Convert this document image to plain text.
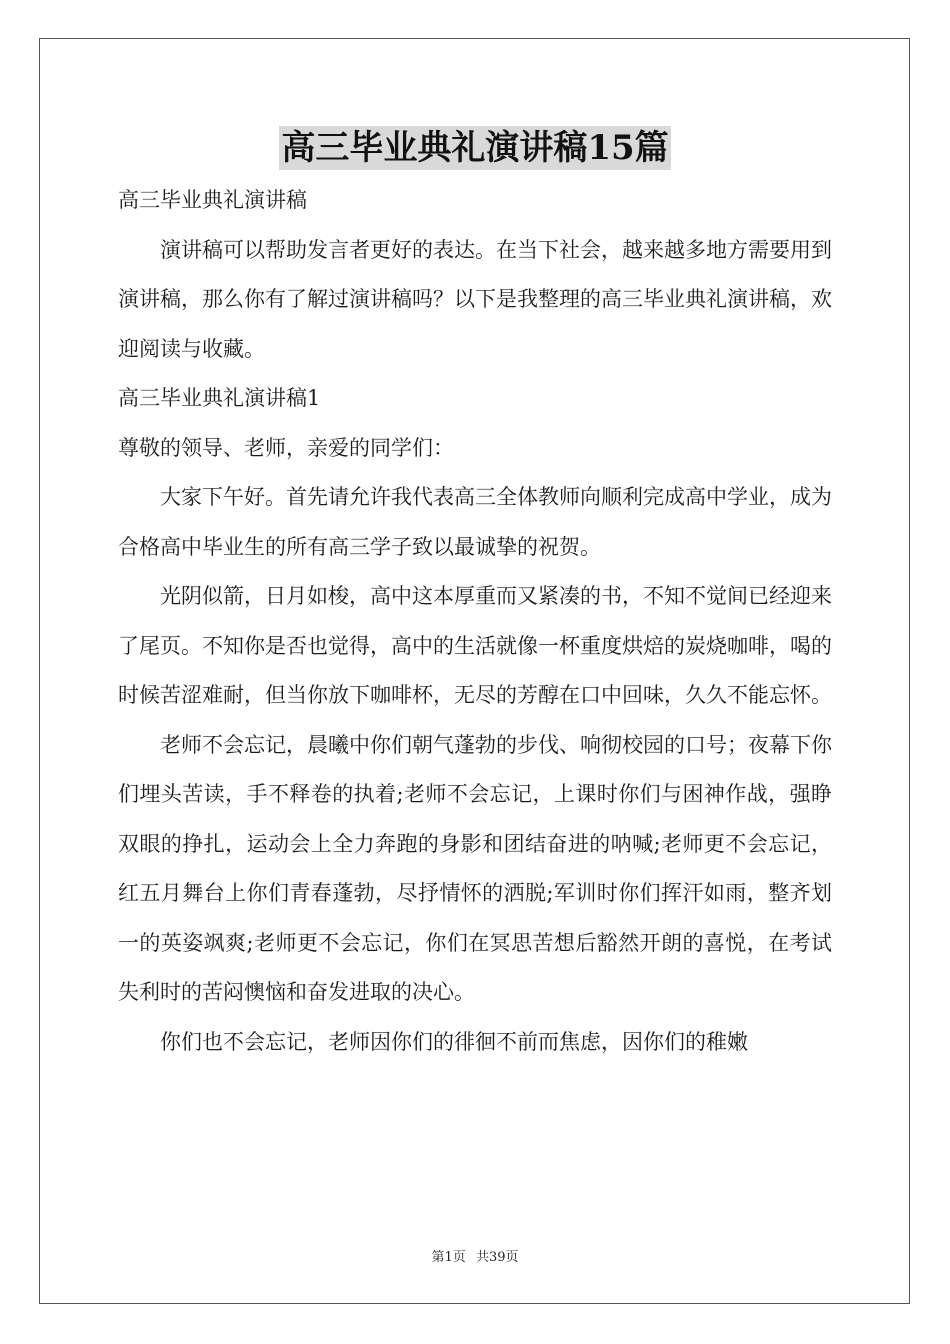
高三毕业典礼演讲稿15篇

高三毕业典礼演讲稿

演讲稿可以帮助发言者更好的表达。在当下社会，越来越多地方需要用到演讲稿，那么你有了解过演讲稿吗？以下是我整理的高三毕业典礼演讲稿，欢迎阅读与收藏。

高三毕业典礼演讲稿1

尊敬的领导、老师，亲爱的同学们：

大家下午好。首先请允许我代表高三全体教师向顺利完成高中学业，成为合格高中毕业生的所有高三学子致以最诚挚的祝贺。

光阴似箭，日月如梭，高中这本厚重而又紧凑的书，不知不觉间已经迎来了尾页。不知你是否也觉得，高中的生活就像一杯重度烘焙的炭烧咖啡，喝的时候苦涩难耐，但当你放下咖啡杯，无尽的芳醇在口中回味，久久不能忘怀。

老师不会忘记，晨曦中你们朝气蓬勃的步伐、响彻校园的口号；夜幕下你们埋头苦读，手不释卷的执着;老师不会忘记，上课时你们与困神作战，强睁双眼的挣扎，运动会上全力奔跑的身影和团结奋进的呐喊;老师更不会忘记，红五月舞台上你们青春蓬勃，尽抒情怀的洒脱;军训时你们挥汗如雨，整齐划一的英姿飒爽;老师更不会忘记，你们在冥思苦想后豁然开朗的喜悦，在考试失利时的苦闷懊恼和奋发进取的决心。

你们也不会忘记，老师因你们的徘徊不前而焦虑，因你们的稚嫩

第1页 共39页
